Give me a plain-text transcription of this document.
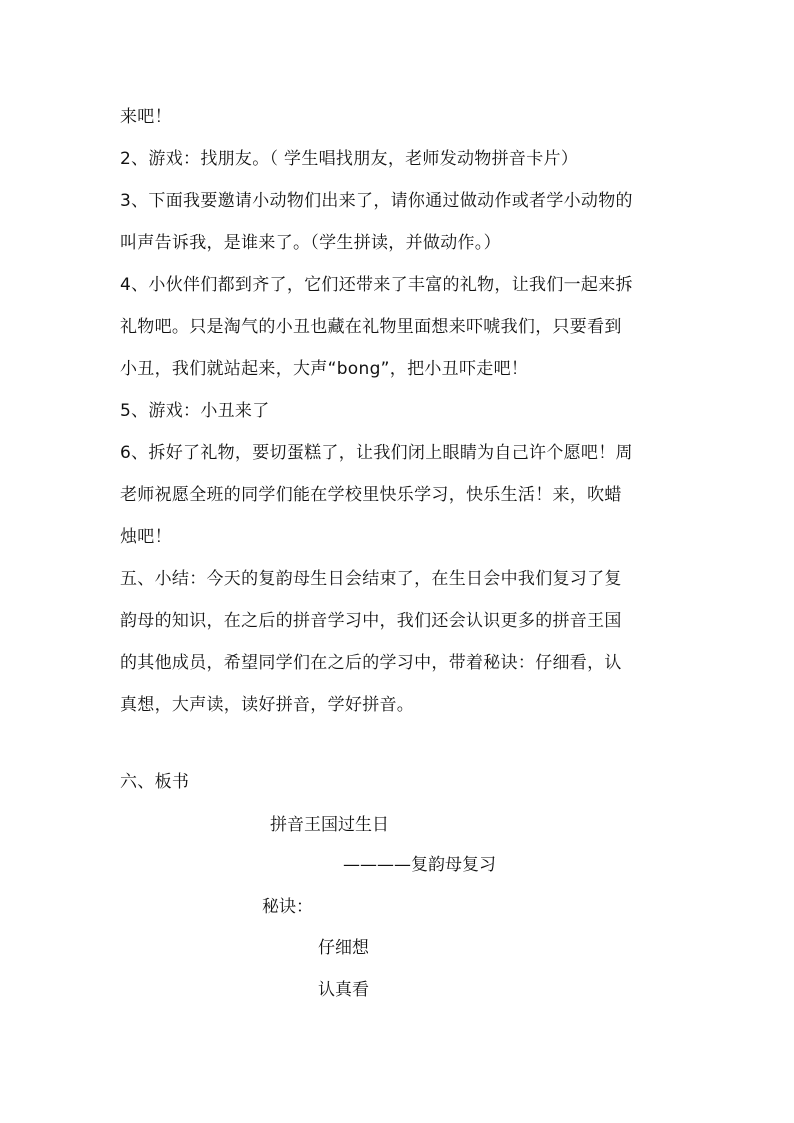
来吧！
2、游戏：找朋友。（ 学生唱找朋友，老师发动物拼音卡片）
3、下面我要邀请小动物们出来了，请你通过做动作或者学小动物的
叫声告诉我，是谁来了。（学生拼读，并做动作。）
4、小伙伴们都到齐了，它们还带来了丰富的礼物，让我们一起来拆
礼物吧。只是淘气的小丑也藏在礼物里面想来吓唬我们，只要看到
小丑，我们就站起来，大声“bong”，把小丑吓走吧！
5、游戏：小丑来了
6、拆好了礼物，要切蛋糕了，让我们闭上眼睛为自己许个愿吧！周
老师祝愿全班的同学们能在学校里快乐学习，快乐生活！来，吹蜡
烛吧！
五、小结：今天的复韵母生日会结束了，在生日会中我们复习了复
韵母的知识，在之后的拼音学习中，我们还会认识更多的拼音王国
的其他成员，希望同学们在之后的学习中，带着秘诀：仔细看，认
真想，大声读，读好拼音，学好拼音。
六、板书
拼音王国过生日
————复韵母复习
秘诀：
仔细想
认真看
